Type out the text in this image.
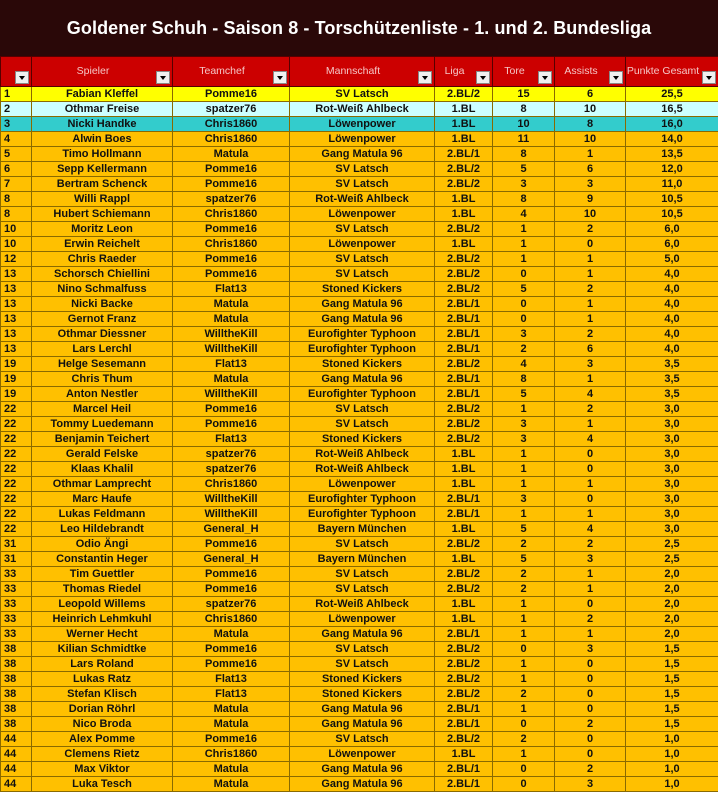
Goldener Schuh - Saison 8 - Torschützenliste - 1. und 2. Bundesliga

	Spieler	Teamchef	Mannschaft	Liga	Tore	Assists	Punkte Gesamt

1	Fabian Kleffel	Pomme16	SV Latsch	2.BL/2	15	6	25,5
2	Othmar Freise	spatzer76	Rot-Weiß Ahlbeck	1.BL	8	10	16,5
3	Nicki Handke	Chris1860	Löwenpower	1.BL	10	8	16,0
4	Alwin Boes	Chris1860	Löwenpower	1.BL	11	10	14,0
5	Timo Hollmann	Matula	Gang Matula 96	2.BL/1	8	1	13,5
6	Sepp Kellermann	Pomme16	SV Latsch	2.BL/2	5	6	12,0
7	Bertram Schenck	Pomme16	SV Latsch	2.BL/2	3	3	11,0
8	Willi Rappl	spatzer76	Rot-Weiß Ahlbeck	1.BL	8	9	10,5
8	Hubert Schiemann	Chris1860	Löwenpower	1.BL	4	10	10,5
10	Moritz Leon	Pomme16	SV Latsch	2.BL/2	1	2	6,0
10	Erwin Reichelt	Chris1860	Löwenpower	1.BL	1	0	6,0
12	Chris Raeder	Pomme16	SV Latsch	2.BL/2	1	1	5,0
13	Schorsch Chiellini	Pomme16	SV Latsch	2.BL/2	0	1	4,0
13	Nino Schmalfuss	Flat13	Stoned Kickers	2.BL/2	5	2	4,0
13	Nicki Backe	Matula	Gang Matula 96	2.BL/1	0	1	4,0
13	Gernot Franz	Matula	Gang Matula 96	2.BL/1	0	1	4,0
13	Othmar Diessner	WilltheKill	Eurofighter Typhoon	2.BL/1	3	2	4,0
13	Lars Lerchl	WilltheKill	Eurofighter Typhoon	2.BL/1	2	6	4,0
19	Helge Sesemann	Flat13	Stoned Kickers	2.BL/2	4	3	3,5
19	Chris Thum	Matula	Gang Matula 96	2.BL/1	8	1	3,5
19	Anton Nestler	WilltheKill	Eurofighter Typhoon	2.BL/1	5	4	3,5
22	Marcel Heil	Pomme16	SV Latsch	2.BL/2	1	2	3,0
22	Tommy Luedemann	Pomme16	SV Latsch	2.BL/2	3	1	3,0
22	Benjamin Teichert	Flat13	Stoned Kickers	2.BL/2	3	4	3,0
22	Gerald Felske	spatzer76	Rot-Weiß Ahlbeck	1.BL	1	0	3,0
22	Klaas Khalil	spatzer76	Rot-Weiß Ahlbeck	1.BL	1	0	3,0
22	Othmar Lamprecht	Chris1860	Löwenpower	1.BL	1	1	3,0
22	Marc Haufe	WilltheKill	Eurofighter Typhoon	2.BL/1	3	0	3,0
22	Lukas Feldmann	WilltheKill	Eurofighter Typhoon	2.BL/1	1	1	3,0
22	Leo Hildebrandt	General_H	Bayern München	1.BL	5	4	3,0
31	Odio Ängi	Pomme16	SV Latsch	2.BL/2	2	2	2,5
31	Constantin Heger	General_H	Bayern München	1.BL	5	3	2,5
33	Tim Guettler	Pomme16	SV Latsch	2.BL/2	2	1	2,0
33	Thomas Riedel	Pomme16	SV Latsch	2.BL/2	2	1	2,0
33	Leopold Willems	spatzer76	Rot-Weiß Ahlbeck	1.BL	1	0	2,0
33	Heinrich Lehmkuhl	Chris1860	Löwenpower	1.BL	1	2	2,0
33	Werner Hecht	Matula	Gang Matula 96	2.BL/1	1	1	2,0
38	Kilian Schmidtke	Pomme16	SV Latsch	2.BL/2	0	3	1,5
38	Lars Roland	Pomme16	SV Latsch	2.BL/2	1	0	1,5
38	Lukas Ratz	Flat13	Stoned Kickers	2.BL/2	1	0	1,5
38	Stefan Klisch	Flat13	Stoned Kickers	2.BL/2	2	0	1,5
38	Dorian Röhrl	Matula	Gang Matula 96	2.BL/1	1	0	1,5
38	Nico Broda	Matula	Gang Matula 96	2.BL/1	0	2	1,5
44	Alex Pomme	Pomme16	SV Latsch	2.BL/2	2	0	1,0
44	Clemens Rietz	Chris1860	Löwenpower	1.BL	1	0	1,0
44	Max Viktor	Matula	Gang Matula 96	2.BL/1	0	2	1,0
44	Luka Tesch	Matula	Gang Matula 96	2.BL/1	0	3	1,0
